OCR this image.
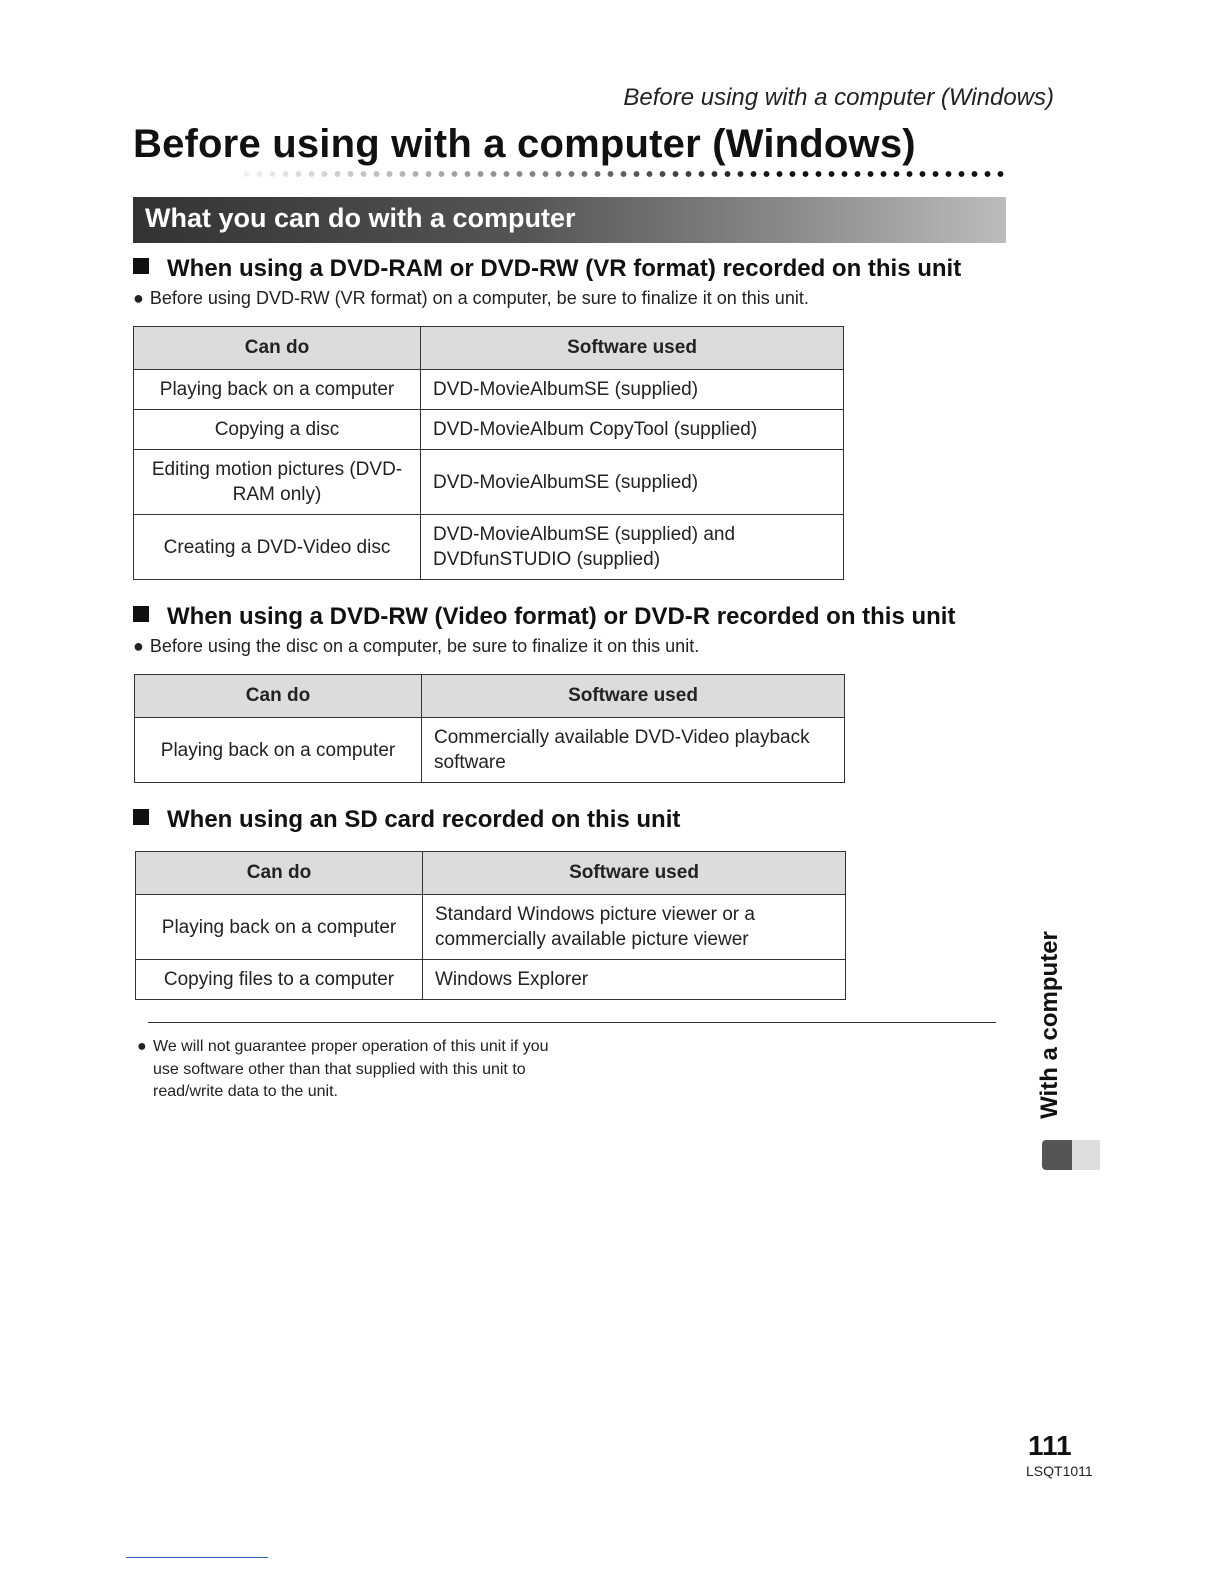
Before using with a computer (Windows)
Before using with a computer (Windows)
What you can do with a computer
When using a DVD-RAM or DVD-RW (VR format) recorded on this unit

● Before using DVD-RW (VR format) on a computer, be sure to finalize it on this unit.

Can do	Software used
Playing back on a computer	DVD-MovieAlbumSE (supplied)
Copying a disc	DVD-MovieAlbum CopyTool (supplied)
Editing motion pictures (DVD-RAM only)	DVD-MovieAlbumSE (supplied)
Creating a DVD-Video disc	DVD-MovieAlbumSE (supplied) and DVDfunSTUDIO (supplied)
When using a DVD-RW (Video format) or DVD-R recorded on this unit

● Before using the disc on a computer, be sure to finalize it on this unit.

Can do	Software used
Playing back on a computer	Commercially available DVD-Video playback software
When using an SD card recorded on this unit
Can do	Software used
Playing back on a computer	Standard Windows picture viewer or a commercially available picture viewer
Copying files to a computer	Windows Explorer

● We will not guarantee proper operation of this unit if you use software other than that supplied with this unit to read/write data to the unit.	With a computer
111
LSQT1011
